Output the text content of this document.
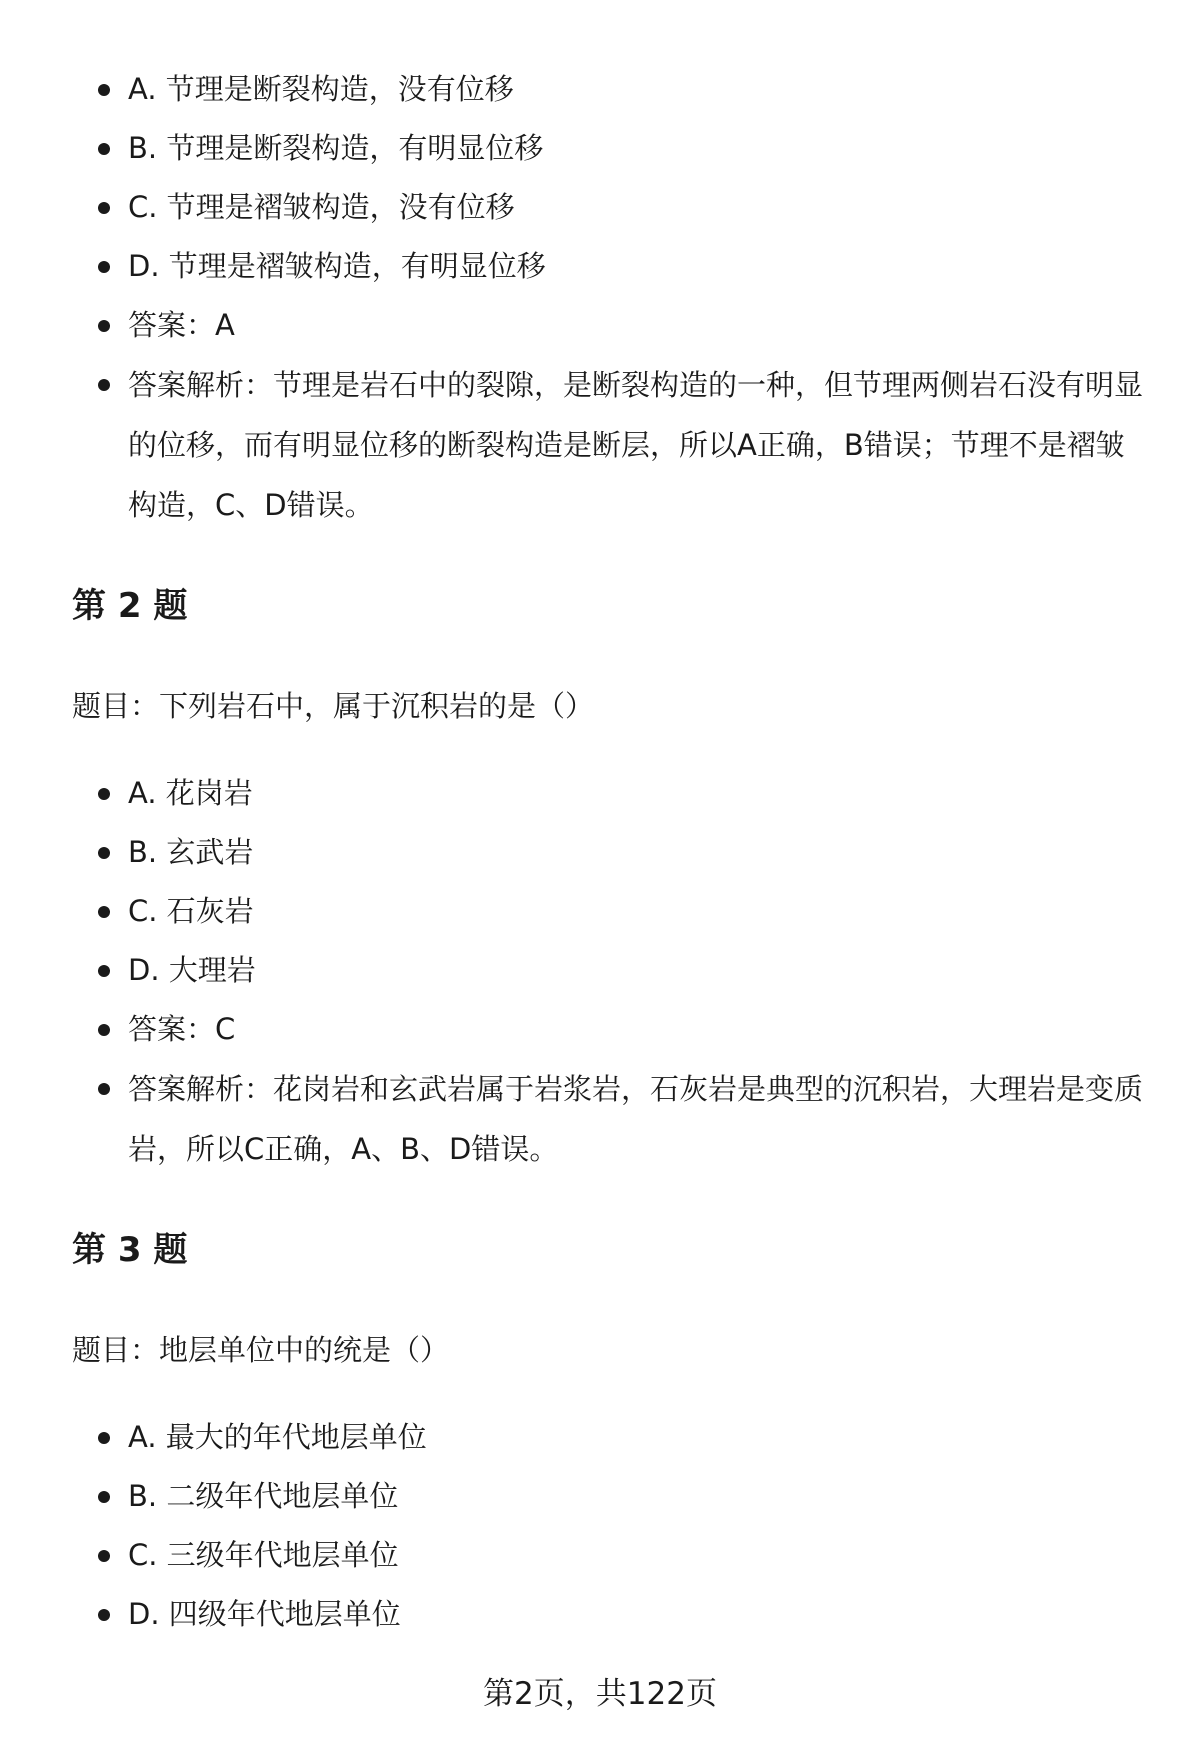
A. 节理是断裂构造，没有位移
B. 节理是断裂构造，有明显位移
C. 节理是褶皱构造，没有位移
D. 节理是褶皱构造，有明显位移
答案：A
答案解析：节理是岩石中的裂隙，是断裂构造的一种，但节理两侧岩石没有明显的位移，而有明显位移的断裂构造是断层，所以A正确，B错误；节理不是褶皱构造，C、D错误。
第 2 题

题目：下列岩石中，属于沉积岩的是（）

A. 花岗岩
B. 玄武岩
C. 石灰岩
D. 大理岩
答案：C
答案解析：花岗岩和玄武岩属于岩浆岩，石灰岩是典型的沉积岩，大理岩是变质岩，所以C正确，A、B、D错误。
第 3 题

题目：地层单位中的统是（）

A. 最大的年代地层单位
B. 二级年代地层单位
C. 三级年代地层单位
D. 四级年代地层单位
第2页，共122页
